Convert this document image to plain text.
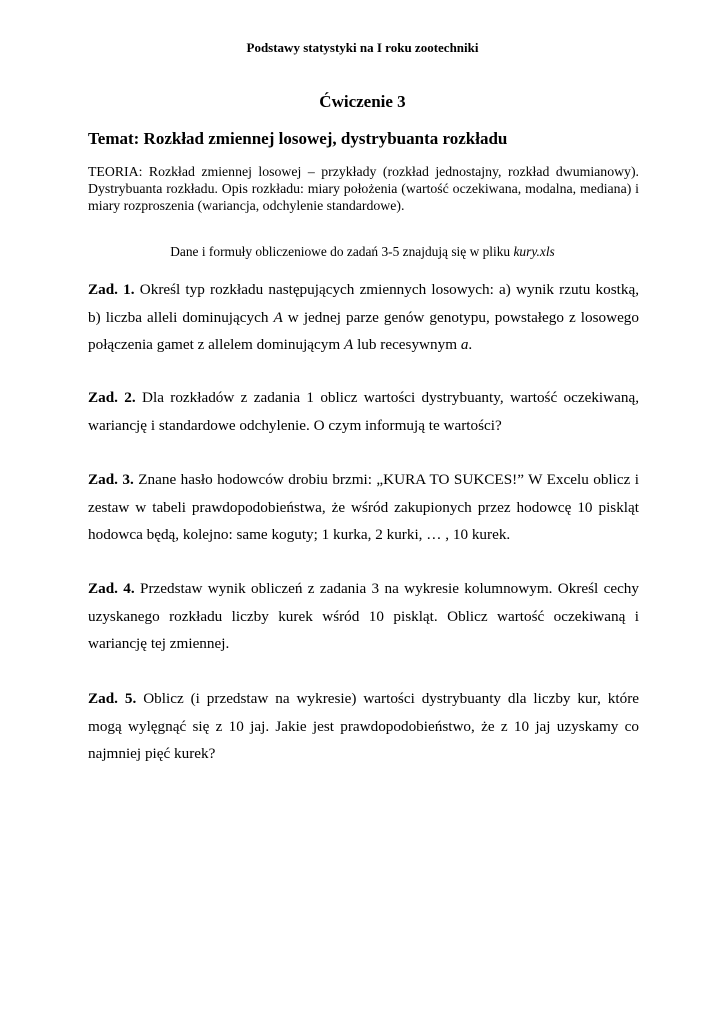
Podstawy statystyki na I roku zootechniki
Ćwiczenie 3
Temat: Rozkład zmiennej losowej, dystrybuanta rozkładu
TEORIA: Rozkład zmiennej losowej – przykłady (rozkład jednostajny, rozkład dwumianowy). Dystrybuanta rozkładu. Opis rozkładu: miary położenia (wartość oczekiwana, modalna, mediana) i miary rozproszenia (wariancja, odchylenie standardowe).
Dane i formuły obliczeniowe do zadań 3-5 znajdują się w pliku kury.xls
Zad. 1. Określ typ rozkładu następujących zmiennych losowych: a) wynik rzutu kostką, b) liczba alleli dominujących A w jednej parze genów genotypu, powstałego z losowego połączenia gamet z allelem dominującym A lub recesywnym a.
Zad. 2. Dla rozkładów z zadania 1 oblicz wartości dystrybuanty, wartość oczekiwaną, wariancję i standardowe odchylenie. O czym informują te wartości?
Zad. 3. Znane hasło hodowców drobiu brzmi: „KURA TO SUKCES!” W Excelu oblicz i zestaw w tabeli prawdopodobieństwa, że wśród zakupionych przez hodowcę 10 piskląt hodowca będą, kolejno: same koguty; 1 kurka, 2 kurki, … , 10 kurek.
Zad. 4. Przedstaw wynik obliczeń z zadania 3 na wykresie kolumnowym. Określ cechy uzyskanego rozkładu liczby kurek wśród 10 piskląt. Oblicz wartość oczekiwaną i wariancję tej zmiennej.
Zad. 5. Oblicz (i przedstaw na wykresie) wartości dystrybuanty dla liczby kur, które mogą wylęgnąć się z 10 jaj. Jakie jest prawdopodobieństwo, że z 10 jaj uzyskamy co najmniej pięć kurek?
